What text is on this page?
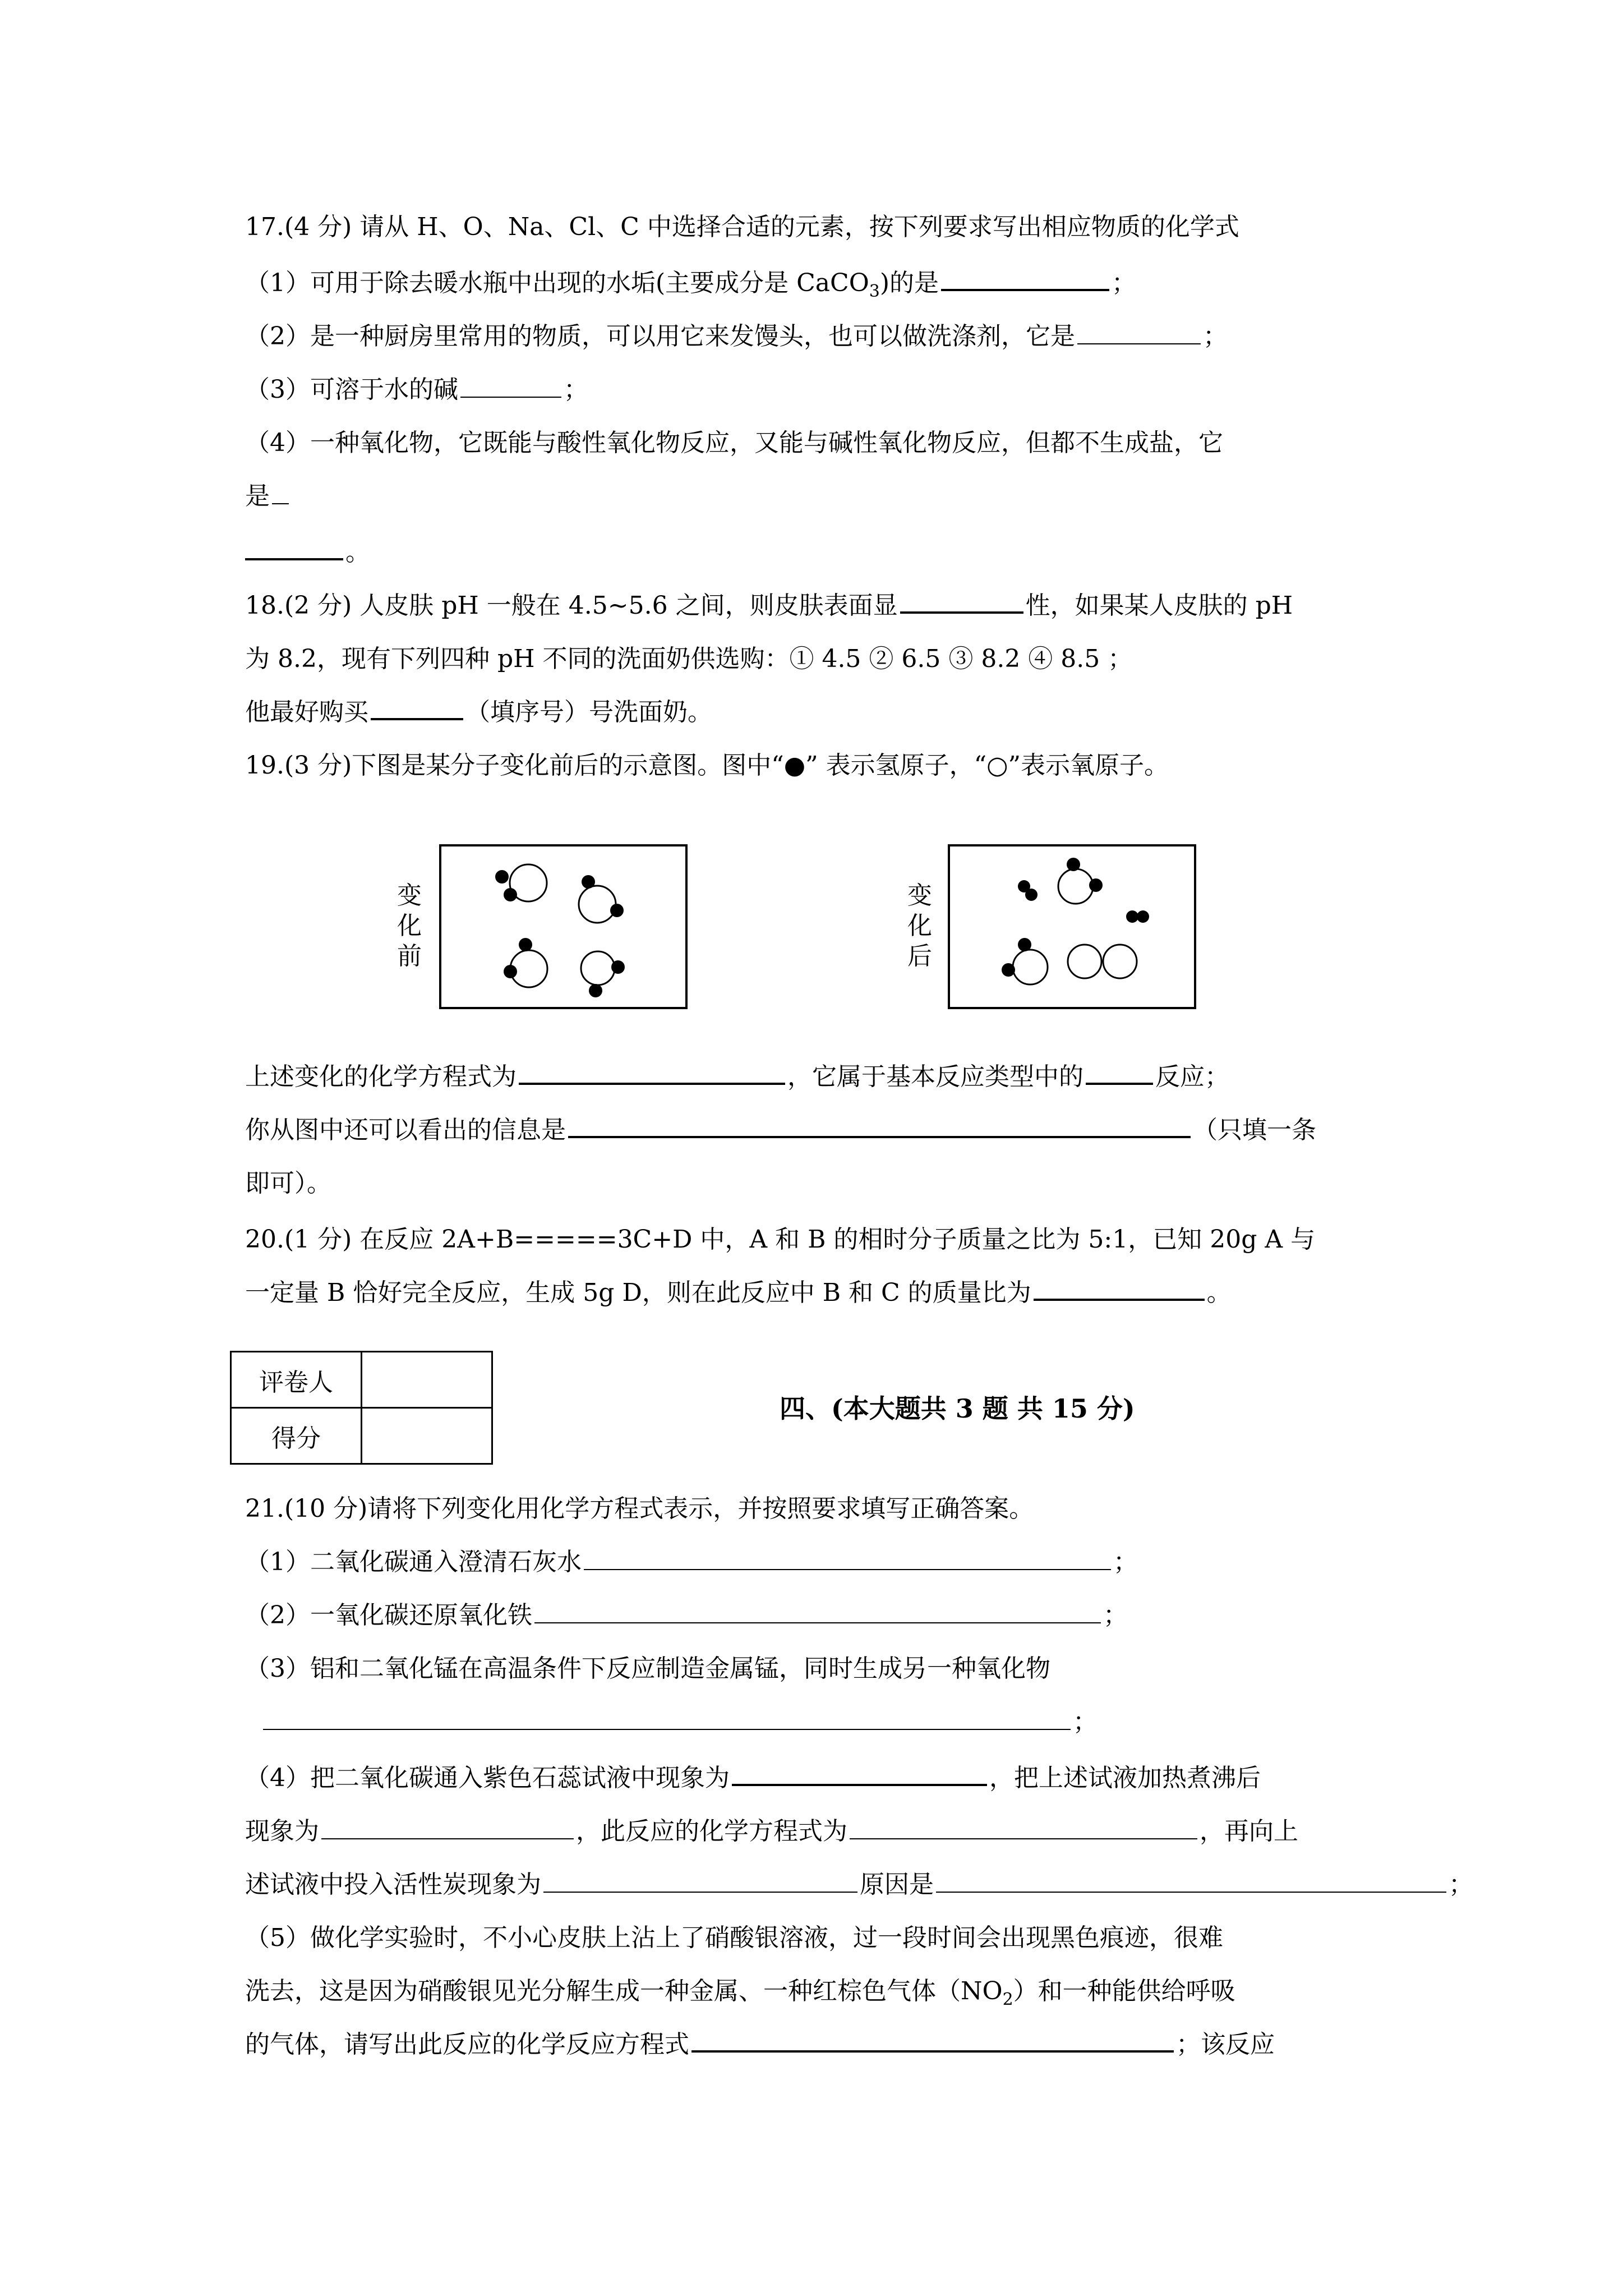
17.(4 分) 请从 H、O、Na、Cl、C 中选择合适的元素，按下列要求写出相应物质的化学式
（1）可用于除去暖水瓶中出现的水垢(主要成分是 CaCO$_3$)的是	；
（2）是一种厨房里常用的物质，可以用它来发馒头，也可以做洗涤剂，它是	；
（3）可溶于水的碱	；
（4）一种氧化物，它既能与酸性氧化物反应，又能与碱性氧化物反应，但都不生成盐，它
是
。
18.(2 分) 人皮肤 pH 一般在 4.5~5.6 之间，则皮肤表面显	性，如果某人皮肤的 pH
为 8.2，现有下列四种 pH 不同的洗面奶供选购：① 4.5 ② 6.5 ③ 8.2 ④ 8.5 ；
他最好购买	（填序号）号洗面奶。
19.(3 分)下图是某分子变化前后的示意图。图中“●” 表示氢原子，“○”表示氧原子。
变
化
前
变
化
后
上述变化的化学方程式为	，它属于基本反应类型中的	反应；
你从图中还可以看出的信息是	（只填一条
即可）。
20.(1 分) 在反应 2A+B=====3C+D 中，A 和 B 的相时分子质量之比为 5:1，已知 20g A 与
一定量 B 恰好完全反应，生成 5g D，则在此反应中 B 和 C 的质量比为	。
评卷人	
得分	
四、(本大题共 3 题 共 15 分)
21.(10 分)请将下列变化用化学方程式表示，并按照要求填写正确答案。
（1）二氧化碳通入澄清石灰水	；
（2）一氧化碳还原氧化铁	；
（3）铝和二氧化锰在高温条件下反应制造金属锰，同时生成另一种氧化物
；
（4）把二氧化碳通入紫色石蕊试液中现象为	，把上述试液加热煮沸后
现象为	，此反应的化学方程式为	，再向上
述试液中投入活性炭现象为	原因是	；
（5）做化学实验时，不小心皮肤上沾上了硝酸银溶液，过一段时间会出现黑色痕迹，很难
洗去，这是因为硝酸银见光分解生成一种金属、一种红棕色气体$(NO_2)$和一种能供给呼吸
的气体，请写出此反应的化学反应方程式	；该反应
